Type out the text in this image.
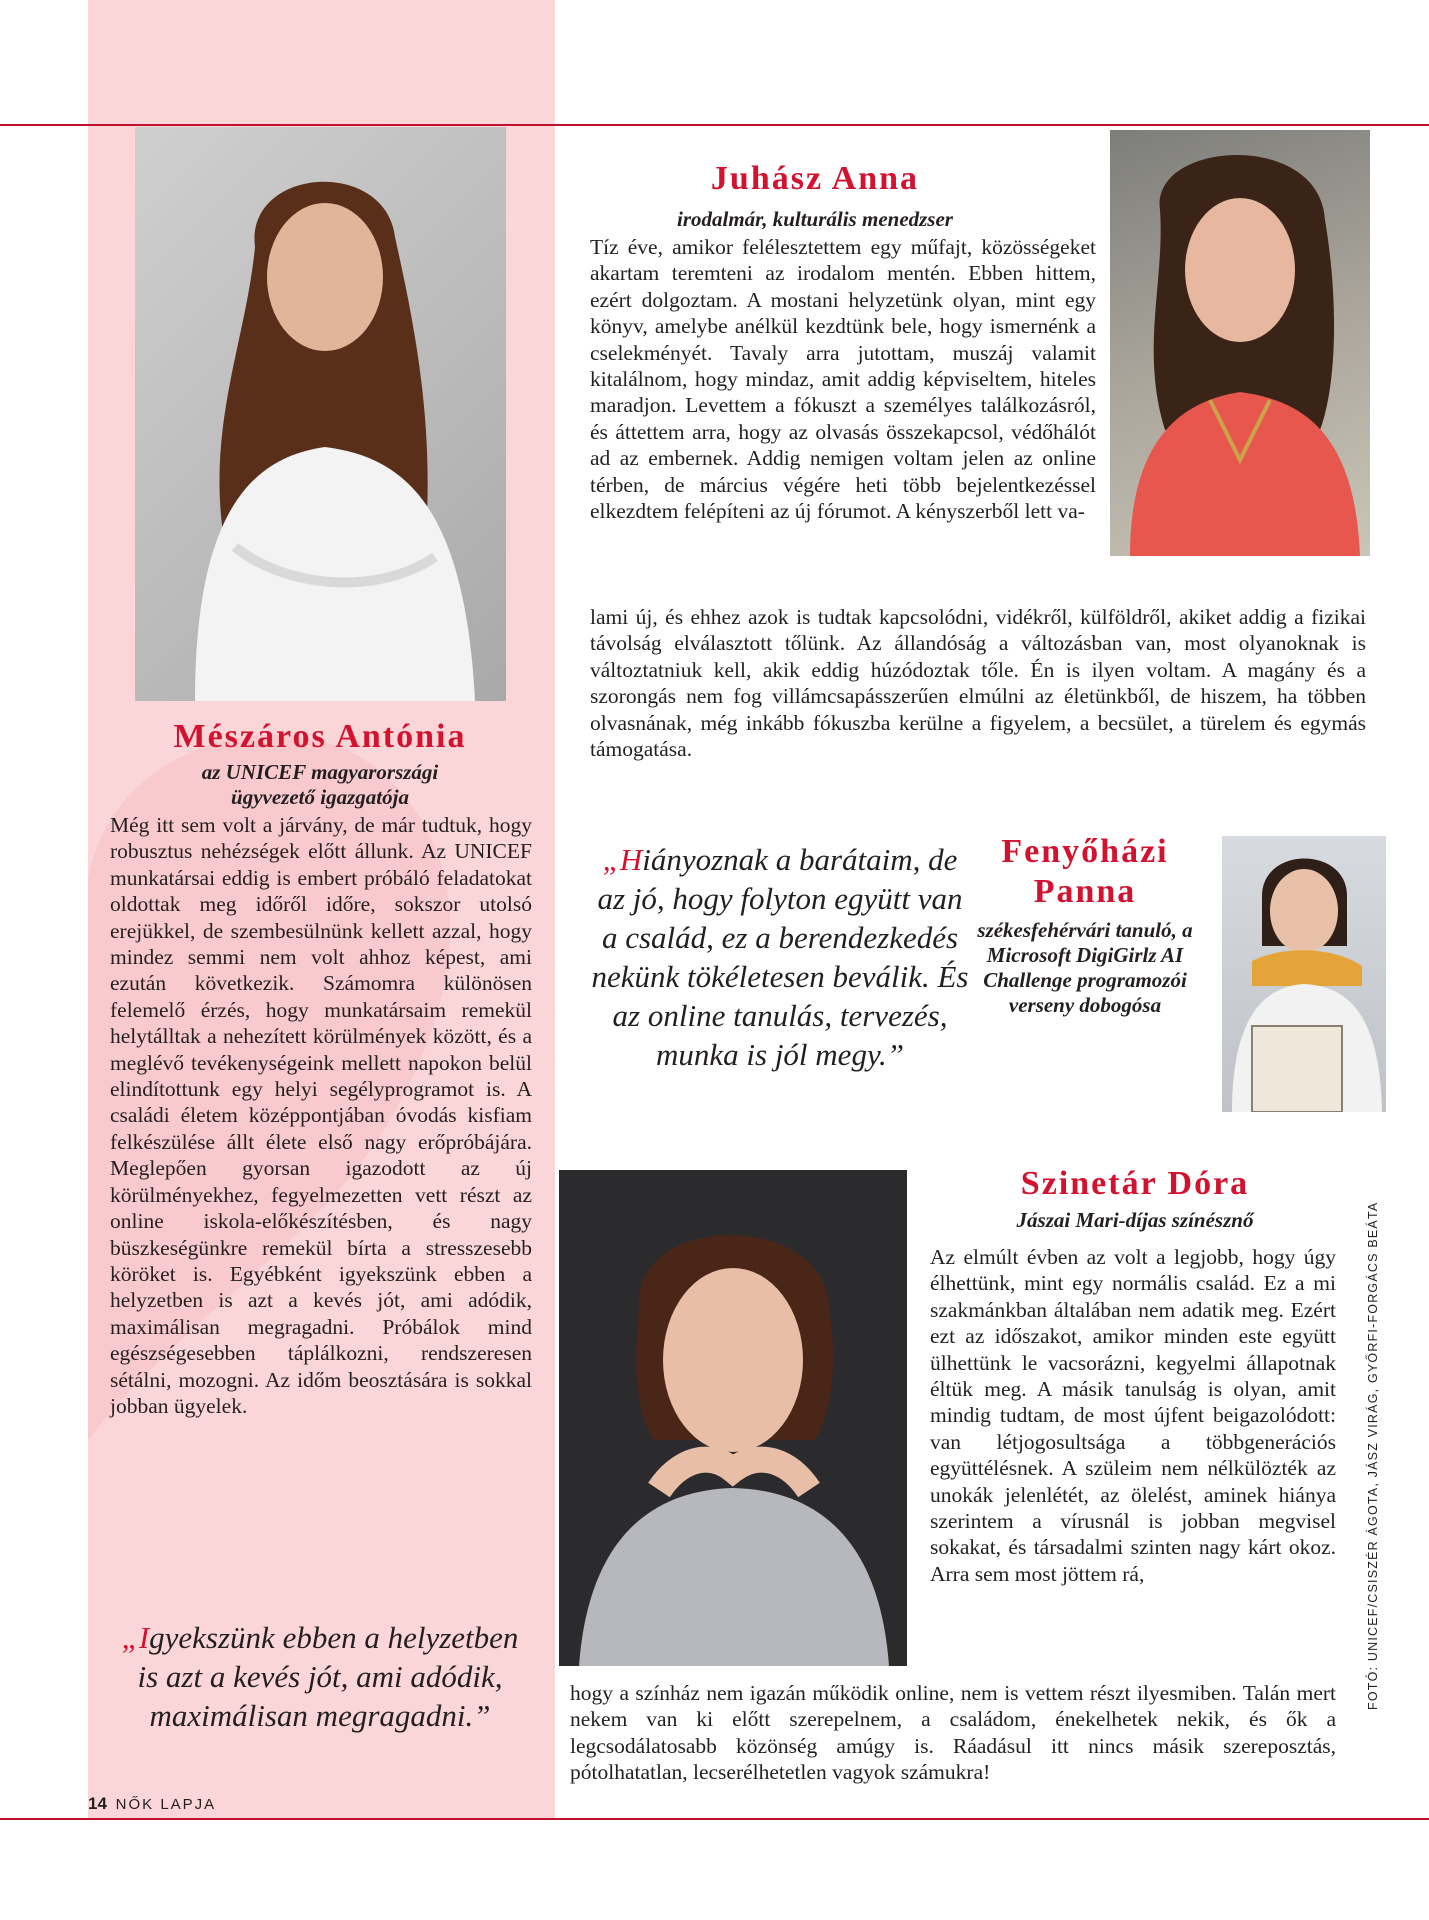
Mészáros Antónia
az UNICEF magyarországi
ügyvezető igazgatója
Még itt sem volt a járvány, de már tudtuk, hogy robusztus nehézségek előtt állunk. Az UNICEF munkatársai eddig is embert próbáló feladatokat oldottak meg időről időre, sokszor utolsó erejükkel, de szembesülnünk kellett azzal, hogy mindez semmi nem volt ahhoz képest, ami ezután következik. Számomra különösen felemelő érzés, hogy munkatársaim remekül helytálltak a nehezített körülmények között, és a meglévő tevékenységeink mellett napokon belül elindítottunk egy helyi segélyprogramot is. A családi életem középpontjában óvodás kisfiam felkészülése állt élete első nagy erőpróbájára. Meglepően gyorsan igazodott az új körülményekhez, fegyelmezetten vett részt az online iskola-előkészítésben, és nagy büszkeségünkre remekül bírta a stresszesebb köröket is. Egyébként igyekszünk ebben a helyzetben is azt a kevés jót, ami adódik, maximálisan megragadni. Próbálok mind egészségesebben táplálkozni, rendszeresen sétálni, mozogni. Az időm beosztására is sokkal jobban ügyelek.
„Igyekszünk ebben a helyzetben is azt a kevés jót, ami adódik, maximálisan megragadni.”
Juhász Anna
irodalmár, kulturális menedzser
Tíz éve, amikor felélesztettem egy műfajt, közösségeket akartam teremteni az irodalom mentén. Ebben hittem, ezért dolgoztam. A mostani helyzetünk olyan, mint egy könyv, amelybe anélkül kezdtünk bele, hogy ismernénk a cselekményét. Tavaly arra jutottam, muszáj valamit kitalálnom, hogy mindaz, amit addig képviseltem, hiteles maradjon. Levettem a fókuszt a személyes találkozásról, és áttettem arra, hogy az olvasás összekapcsol, védőhálót ad az embernek. Addig nemigen voltam jelen az online térben, de március végére heti több bejelentkezéssel elkezdtem felépíteni az új fórumot. A kényszerből lett va-
lami új, és ehhez azok is tudtak kapcsolódni, vidékről, külföldről, akiket addig a fizikai távolság elválasztott tőlünk. Az állandóság a változásban van, most olyanoknak is változtatniuk kell, akik eddig húzódoztak tőle. Én is ilyen voltam. A magány és a szorongás nem fog villámcsapásszerűen elmúlni az életünkből, de hiszem, ha többen olvasnának, még inkább fókuszba kerülne a figyelem, a becsület, a türelem és egymás támogatása.
„Hiányoznak a barátaim, de az jó, hogy folyton együtt van a család, ez a berendezkedés nekünk tökéletesen beválik. És az online tanulás, tervezés, munka is jól megy.”
Fenyőházi
Panna
székesfehérvári tanuló, a Microsoft DigiGirlz AI Challenge programozói verseny dobogósa
Szinetár Dóra
Jászai Mari-díjas színésznő
Az elmúlt évben az volt a legjobb, hogy úgy élhettünk, mint egy normális család. Ez a mi szakmánkban általában nem adatik meg. Ezért ezt az időszakot, amikor minden este együtt ülhettünk le vacsorázni, kegyelmi állapotnak éltük meg. A másik tanulság is olyan, amit mindig tudtam, de most újfent beigazolódott: van létjogosultsága a többgenerációs együttélésnek. A szüleim nem nélkülözték az unokák jelenlétét, az ölelést, aminek hiánya szerintem a vírusnál is jobban megvisel sokakat, és társadalmi szinten nagy kárt okoz. Arra sem most jöttem rá,
hogy a színház nem igazán működik online, nem is vettem részt ilyesmiben. Talán mert nekem van ki előtt szerepelnem, a családom, énekelhetek nekik, és ők a legcsodálatosabb közönség amúgy is. Ráadásul itt nincs másik szereposztás, pótolhatatlan, lecserélhetetlen vagyok számukra!
FOTÓ: UNICEF/CSISZÉR ÁGOTA, JÁSZ VIRÁG, GYŐRFI-FORGÁCS BEÁTA
14 NŐK LAPJA
